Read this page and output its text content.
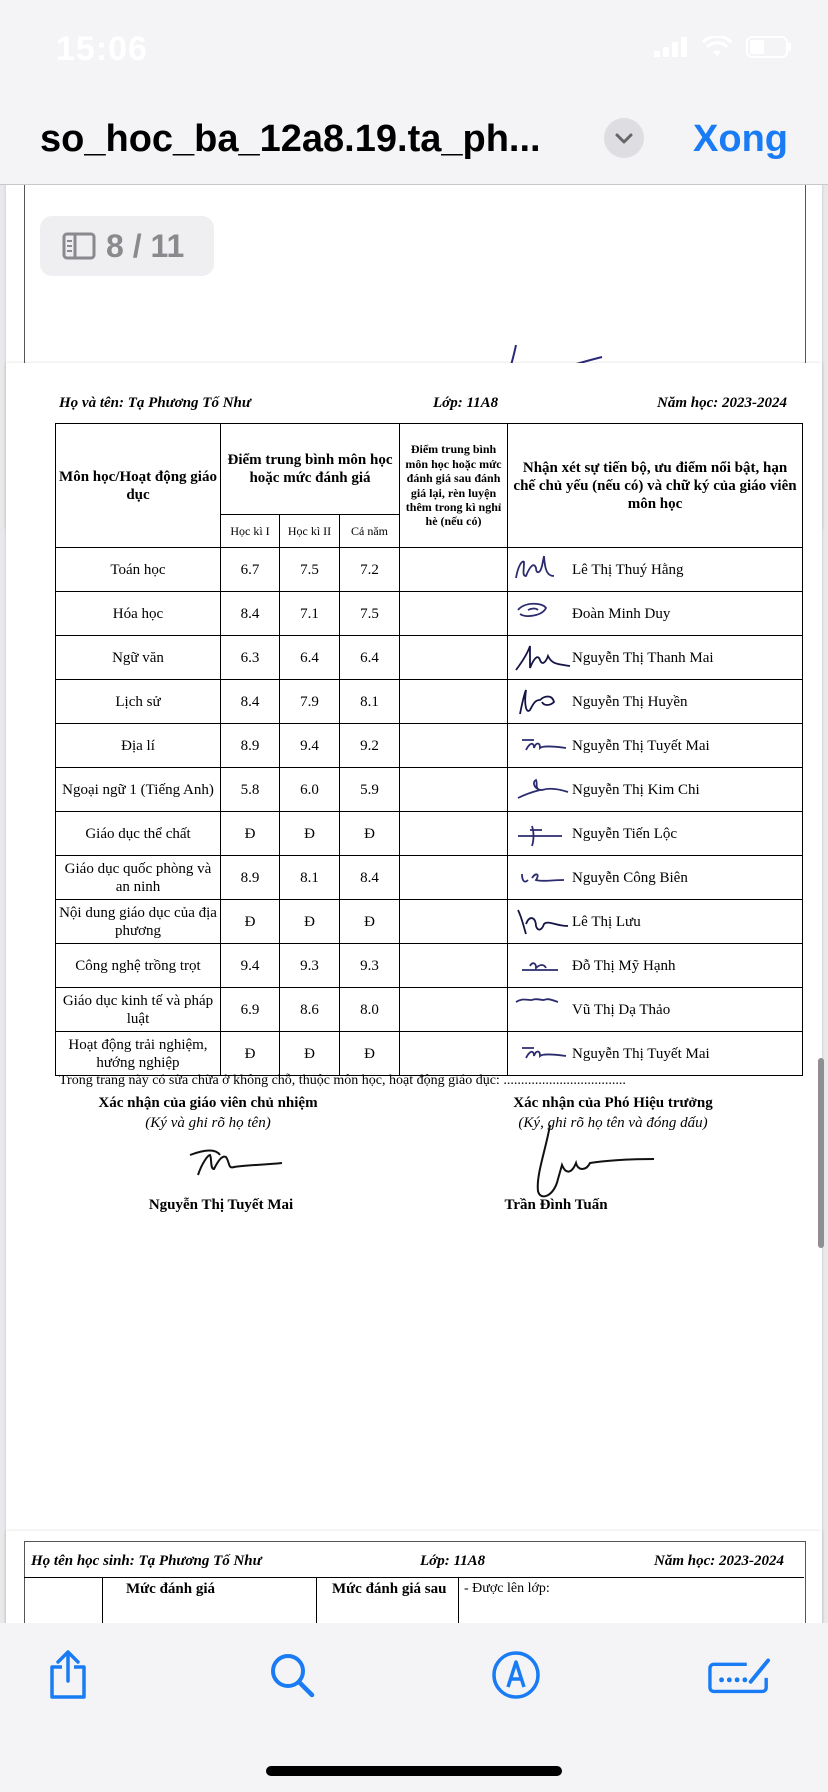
15:06
so_hoc_ba_12a8.19.ta_ph...	Xong
8 / 11
Họ và tên: Tạ Phương Tố Như	Lớp: 11A8	Năm học: 2023-2024
Môn học/Hoạt động giáo dục	Điểm trung bình môn học hoặc mức đánh giá			Điểm trung bình môn học hoặc mức đánh giá sau đánh giá lại, rèn luyện thêm trong kì nghỉ hè (nếu có)	Nhận xét sự tiến bộ, ưu điểm nổi bật, hạn chế chủ yếu (nếu có) và chữ ký của giáo viên môn học
	Học kì I	Học kì II	Cả năm		
Toán học	6.7	7.5	7.2		Lê Thị Thuý Hằng
Hóa học	8.4	7.1	7.5		Đoàn Minh Duy
Ngữ văn	6.3	6.4	6.4		Nguyễn Thị Thanh Mai
Lịch sử	8.4	7.9	8.1		Nguyễn Thị Huyền
Địa lí	8.9	9.4	9.2		Nguyễn Thị Tuyết Mai
Ngoại ngữ 1 (Tiếng Anh)	5.8	6.0	5.9		Nguyễn Thị Kim Chi
Giáo dục thể chất	Đ	Đ	Đ		Nguyễn Tiến Lộc
Giáo dục quốc phòng và an ninh	8.9	8.1	8.4		Nguyễn Công Biên
Nội dung giáo dục của địa phương	Đ	Đ	Đ		Lê Thị Lưu
Công nghệ trồng trọt	9.4	9.3	9.3		Đỗ Thị Mỹ Hạnh
Giáo dục kinh tế và pháp luật	6.9	8.6	8.0		Vũ Thị Dạ Thảo
Hoạt động trải nghiệm, hướng nghiệp	Đ	Đ	Đ		Nguyễn Thị Tuyết Mai
Trong trang này có sửa chữa ở không chỗ, thuộc môn học, hoạt động giáo dục: ...................................
Xác nhận của giáo viên chủ nhiệm
(Ký và ghi rõ họ tên)
Xác nhận của Phó Hiệu trưởng
(Ký, ghi rõ họ tên và đóng dấu)
Nguyễn Thị Tuyết Mai	Trần Đình Tuấn
Họ tên học sinh: Tạ Phương Tố Như	Lớp: 11A8	Năm học: 2023-2024
Mức đánh giá	Mức đánh giá sau - Được lên lớp:
